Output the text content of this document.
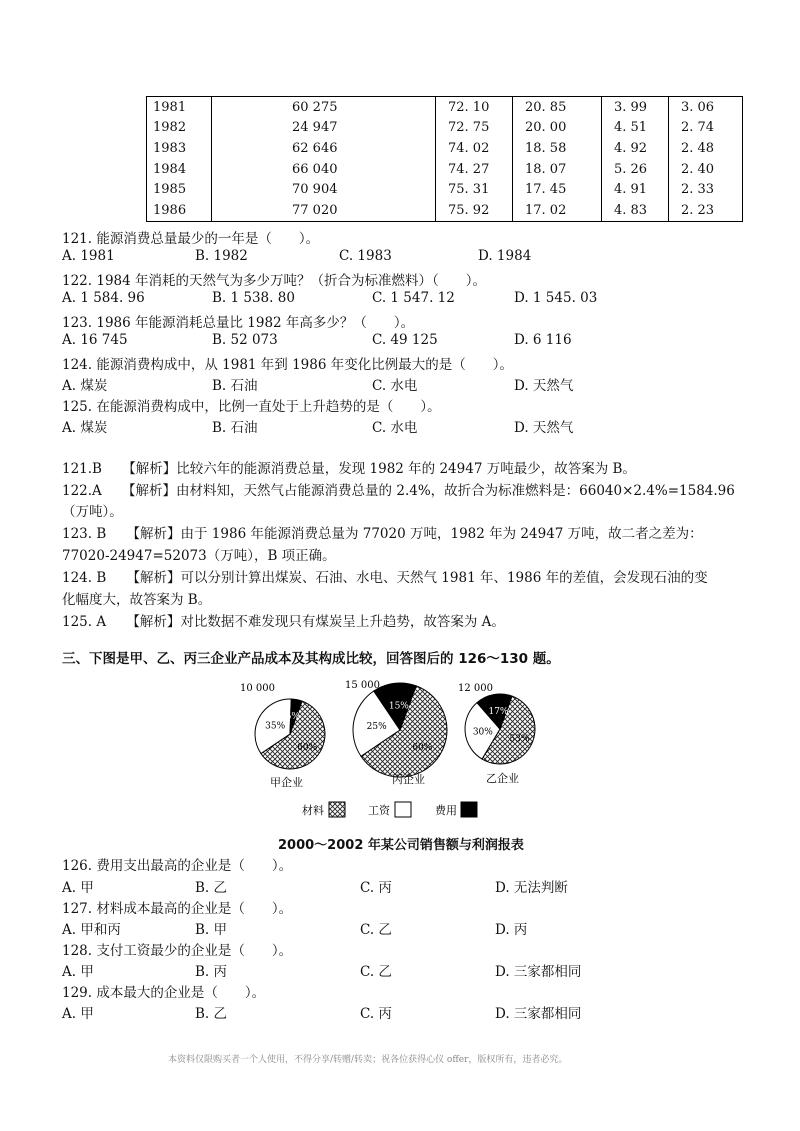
1981	60 275	72. 10	20. 85	3. 99	3. 06
1982	24 947	72. 75	20. 00	4. 51	2. 74
1983	62 646	74. 02	18. 58	4. 92	2. 48
1984	66 040	74. 27	18. 07	5. 26	2. 40
1985	70 904	75. 31	17. 45	4. 91	2. 33
1986	77 020	75. 92	17. 02	4. 83	2. 23
121. 能源消费总量最少的一年是（　　）。
A. 1981	B. 1982	C. 1983	D. 1984
122. 1984 年消耗的天然气为多少万吨？（折合为标准燃料）（　　）。
A. 1 584. 96	B. 1 538. 80	C. 1 547. 12	D. 1 545. 03
123. 1986 年能源消耗总量比 1982 年高多少？（　　）。
A. 16 745	B. 52 073	C. 49 125	D. 6 116
124. 能源消费构成中，从 1981 年到 1986 年变化比例最大的是（　　）。
A. 煤炭	B. 石油	C. 水电	D. 天然气
125. 在能源消费构成中，比例一直处于上升趋势的是（　　）。
A. 煤炭	B. 石油	C. 水电	D. 天然气
121.B　　【解析】比较六年的能源消费总量，发现 1982 年的 24947 万吨最少，故答案为 B。
122.A　　【解析】由材料知，天然气占能源消费总量的 2.4%，故折合为标准燃料是：66040×2.4%=1584.96
（万吨）。
123. B　　【解析】由于 1986 年能源消费总量为 77020 万吨，1982 年为 24947 万吨，故二者之差为：
77020-24947=52073（万吨），B 项正确。
124. B　　【解析】可以分别计算出煤炭、石油、水电、天然气 1981 年、1986 年的差值，会发现石油的变
化幅度大，故答案为 B。
125. A　　【解析】对比数据不难发现只有煤炭呈上升趋势，故答案为 A。
三、下图是甲、乙、丙三企业产品成本及其构成比较，回答图后的 126～130 题。
60%
35%
5%
60%
25%
15%
53%
30%
17%
10 000	15 000	12 000
甲企业	丙企业	乙企业
材料	工资	费用
2000～2002 年某公司销售额与利润报表
126. 费用支出最高的企业是（　　）。
A. 甲	B. 乙	C. 丙	D. 无法判断
127. 材料成本最高的企业是（　　）。
A. 甲和丙	B. 甲	C. 乙	D. 丙
128. 支付工资最少的企业是（　　）。
A. 甲	B. 丙	C. 乙	D. 三家都相同
129. 成本最大的企业是（　　）。
A. 甲	B. 乙	C. 丙	D. 三家都相同
本资料仅限购买者一个人使用，不得分享/转赠/转卖；祝各位获得心仪 offer，版权所有，违者必究。
